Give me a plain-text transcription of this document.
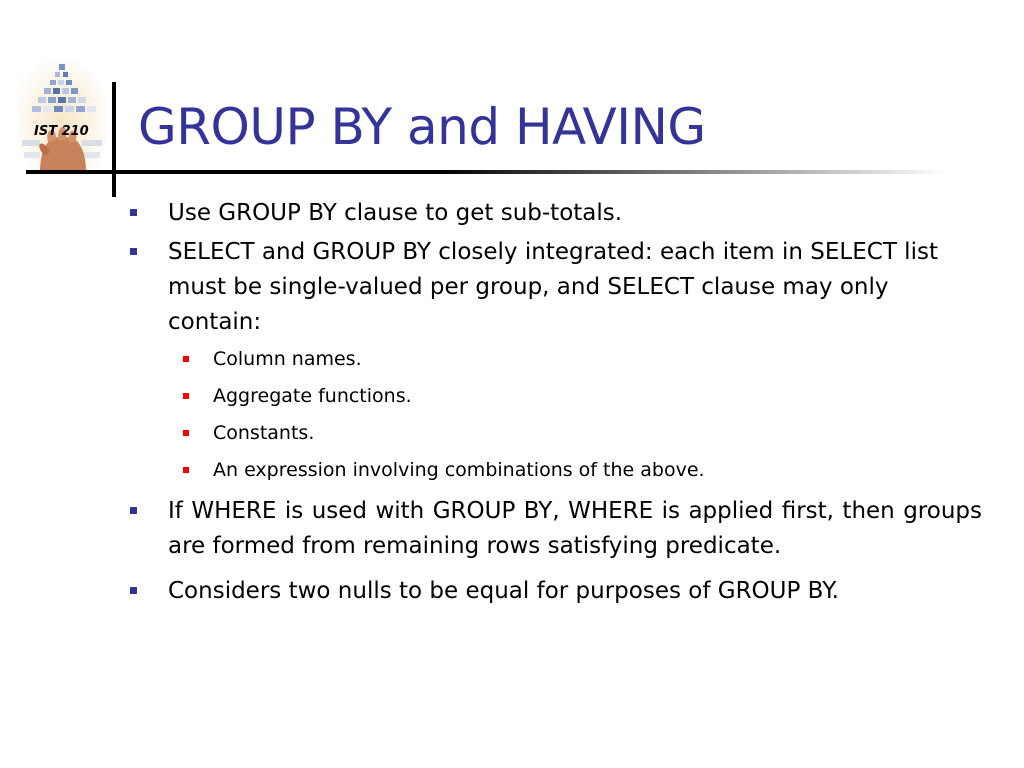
IST 210 GROUP BY and HAVING
Use GROUP BY clause to get sub-totals.
SELECT and GROUP BY closely integrated: each item in SELECT list must be single-valued per group, and SELECT clause may only contain:
Column names.
Aggregate functions.
Constants.
An expression involving combinations of the above.
If WHERE is used with GROUP BY, WHERE is applied first, then groups are formed from remaining rows satisfying predicate.
Considers two nulls to be equal for purposes of GROUP BY.
